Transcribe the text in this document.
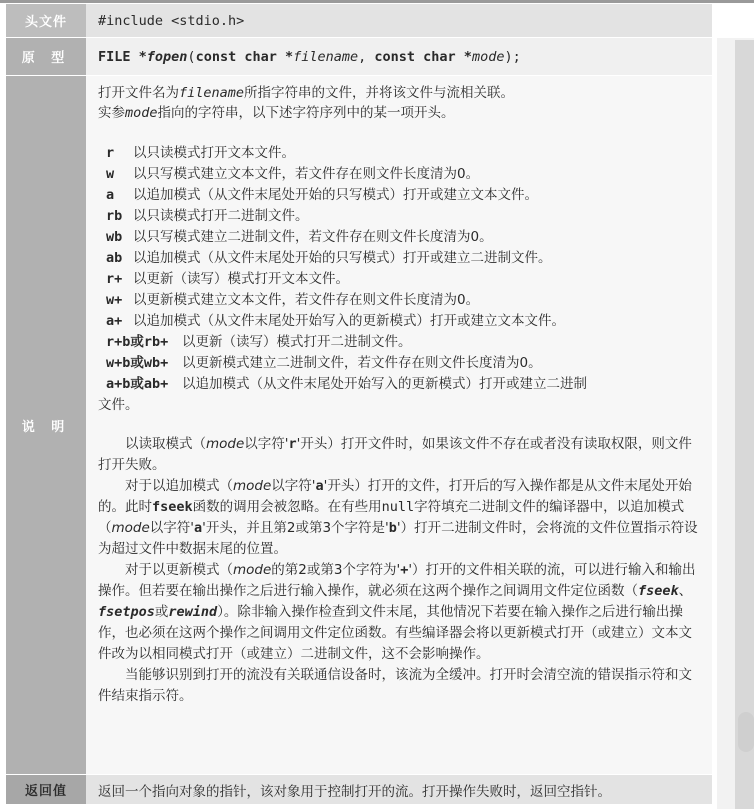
头文件	#include <stdio.h>
原 型	FILE * fopen ( const char * filename , const char * mode );
说 明

打开文件名为filename所指字符串的文件，并将该文件与流相关联。

实参mode指向的字符串，以下述字符序列中的某一项开头。

r	以只读模式打开文本文件。
w	以只写模式建立文本文件，若文件存在则文件长度清为0。
a	以追加模式（从文件末尾处开始的只写模式）打开或建立文本文件。
rb 以只读模式打开二进制文件。
wb 以只写模式建立二进制文件，若文件存在则文件长度清为0。
ab 以追加模式（从文件末尾处开始的只写模式）打开或建立二进制文件。
r+ 以更新（读写）模式打开文本文件。
w+ 以更新模式建立文本文件，若文件存在则文件长度清为0。
a+ 以追加模式（从文件末尾处开始写入的更新模式）打开或建立文本文件。
r+b或rb+	以更新（读写）模式打开二进制文件。
w+b或wb+	以更新模式建立二进制文件，若文件存在则文件长度清为0。
a+b或ab+	以追加模式（从文件末尾处开始写入的更新模式）打开或建立二进制
文件。

以读取模式（mode以字符'r'开头）打开文件时，如果该文件不存在或者没有读取权限，则文件打开失败。

对于以追加模式（mode以字符'a'开头）打开的文件，打开后的写入操作都是从文件末尾处开始的。此时fseek函数的调用会被忽略。在有些用null字符填充二进制文件的编译器中，以追加模式（mode以字符'a'开头，并且第2或第3个字符是'b'）打开二进制文件时，会将流的文件位置指示符设为超过文件中数据末尾的位置。

对于以更新模式（mode的第2或第3个字符为'+'）打开的文件相关联的流，可以进行输入和输出操作。但若要在输出操作之后进行输入操作，就必须在这两个操作之间调用文件定位函数（fseek、fsetpos或rewind）。除非输入操作检查到文件末尾，其他情况下若要在输入操作之后进行输出操作，也必须在这两个操作之间调用文件定位函数。有些编译器会将以更新模式打开（或建立）文本文件改为以相同模式打开（或建立）二进制文件，这不会影响操作。

当能够识别到打开的流没有关联通信设备时，该流为全缓冲。打开时会清空流的错误指示符和文件结束指示符。

返回值	返回一个指向对象的指针，该对象用于控制打开的流。打开操作失败时，返回空指针。
